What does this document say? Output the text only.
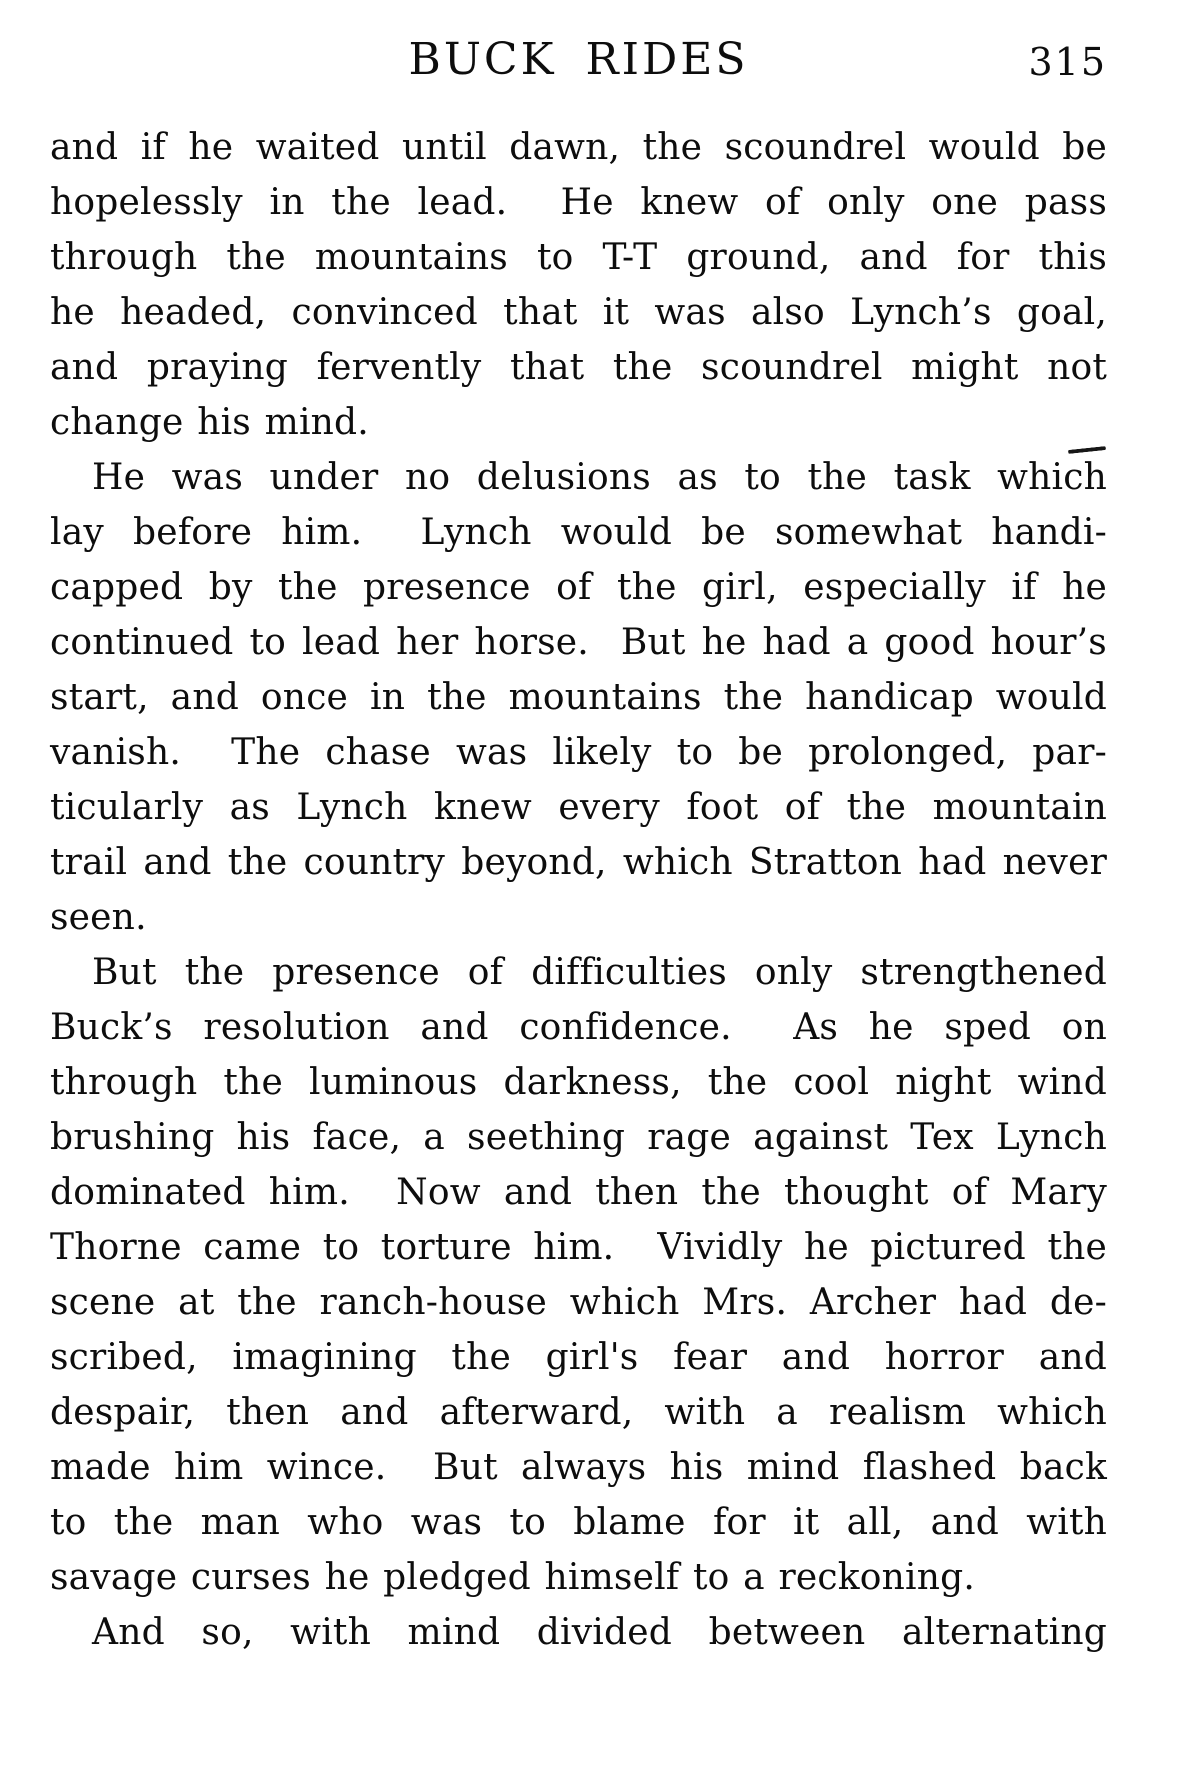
BUCK RIDES	315
and if he waited until dawn, the scoundrel would be
hopelessly in the lead.  He knew of only one pass
through the mountains to T-T ground, and for this
he headed, convinced that it was also Lynch’s goal,
and praying fervently that the scoundrel might not
change his mind.
He was under no delusions as to the task which
lay before him.  Lynch would be somewhat handi-
capped by the presence of the girl, especially if he
continued to lead her horse.  But he had a good hour’s
start, and once in the mountains the handicap would
vanish.  The chase was likely to be prolonged, par-
ticularly as Lynch knew every foot of the mountain
trail and the country beyond, which Stratton had never
seen.
But the presence of difficulties only strengthened
Buck’s resolution and confidence.  As he sped on
through the luminous darkness, the cool night wind
brushing his face, a seething rage against Tex Lynch
dominated him.  Now and then the thought of Mary
Thorne came to torture him.  Vividly he pictured the
scene at the ranch-house which Mrs. Archer had de-
scribed, imagining the girl's fear and horror and
despair, then and afterward, with a realism which
made him wince.  But always his mind flashed back
to the man who was to blame for it all, and with
savage curses he pledged himself to a reckoning.
And so, with mind divided between alternating
